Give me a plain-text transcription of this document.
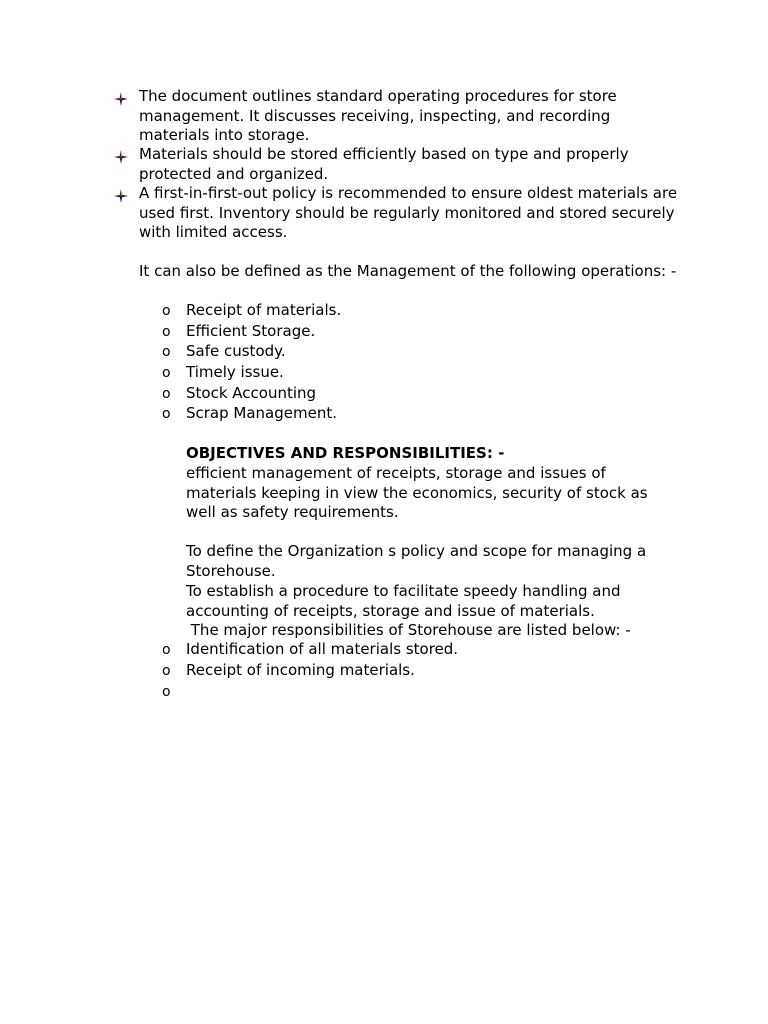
The document outlines standard operating procedures for store management. It discusses receiving, inspecting, and recording materials into storage.
Materials should be stored efficiently based on type and properly protected and organized.
A first-in-first-out policy is recommended to ensure oldest materials are used first. Inventory should be regularly monitored and stored securely with limited access.
It can also be defined as the Management of the following operations: -
o Receipt of materials.
o Efficient Storage.
o Safe custody.
o Timely issue.
o Stock Accounting
o Scrap Management.
OBJECTIVES AND RESPONSIBILITIES: -
efficient management of receipts, storage and issues of materials keeping in view the economics, security of stock as well as safety requirements.
To define the Organization s policy and scope for managing a Storehouse.
To establish a procedure to facilitate speedy handling and accounting of receipts, storage and issue of materials.
The major responsibilities of Storehouse are listed below: -
o Identification of all materials stored.
o Receipt of incoming materials.
o
